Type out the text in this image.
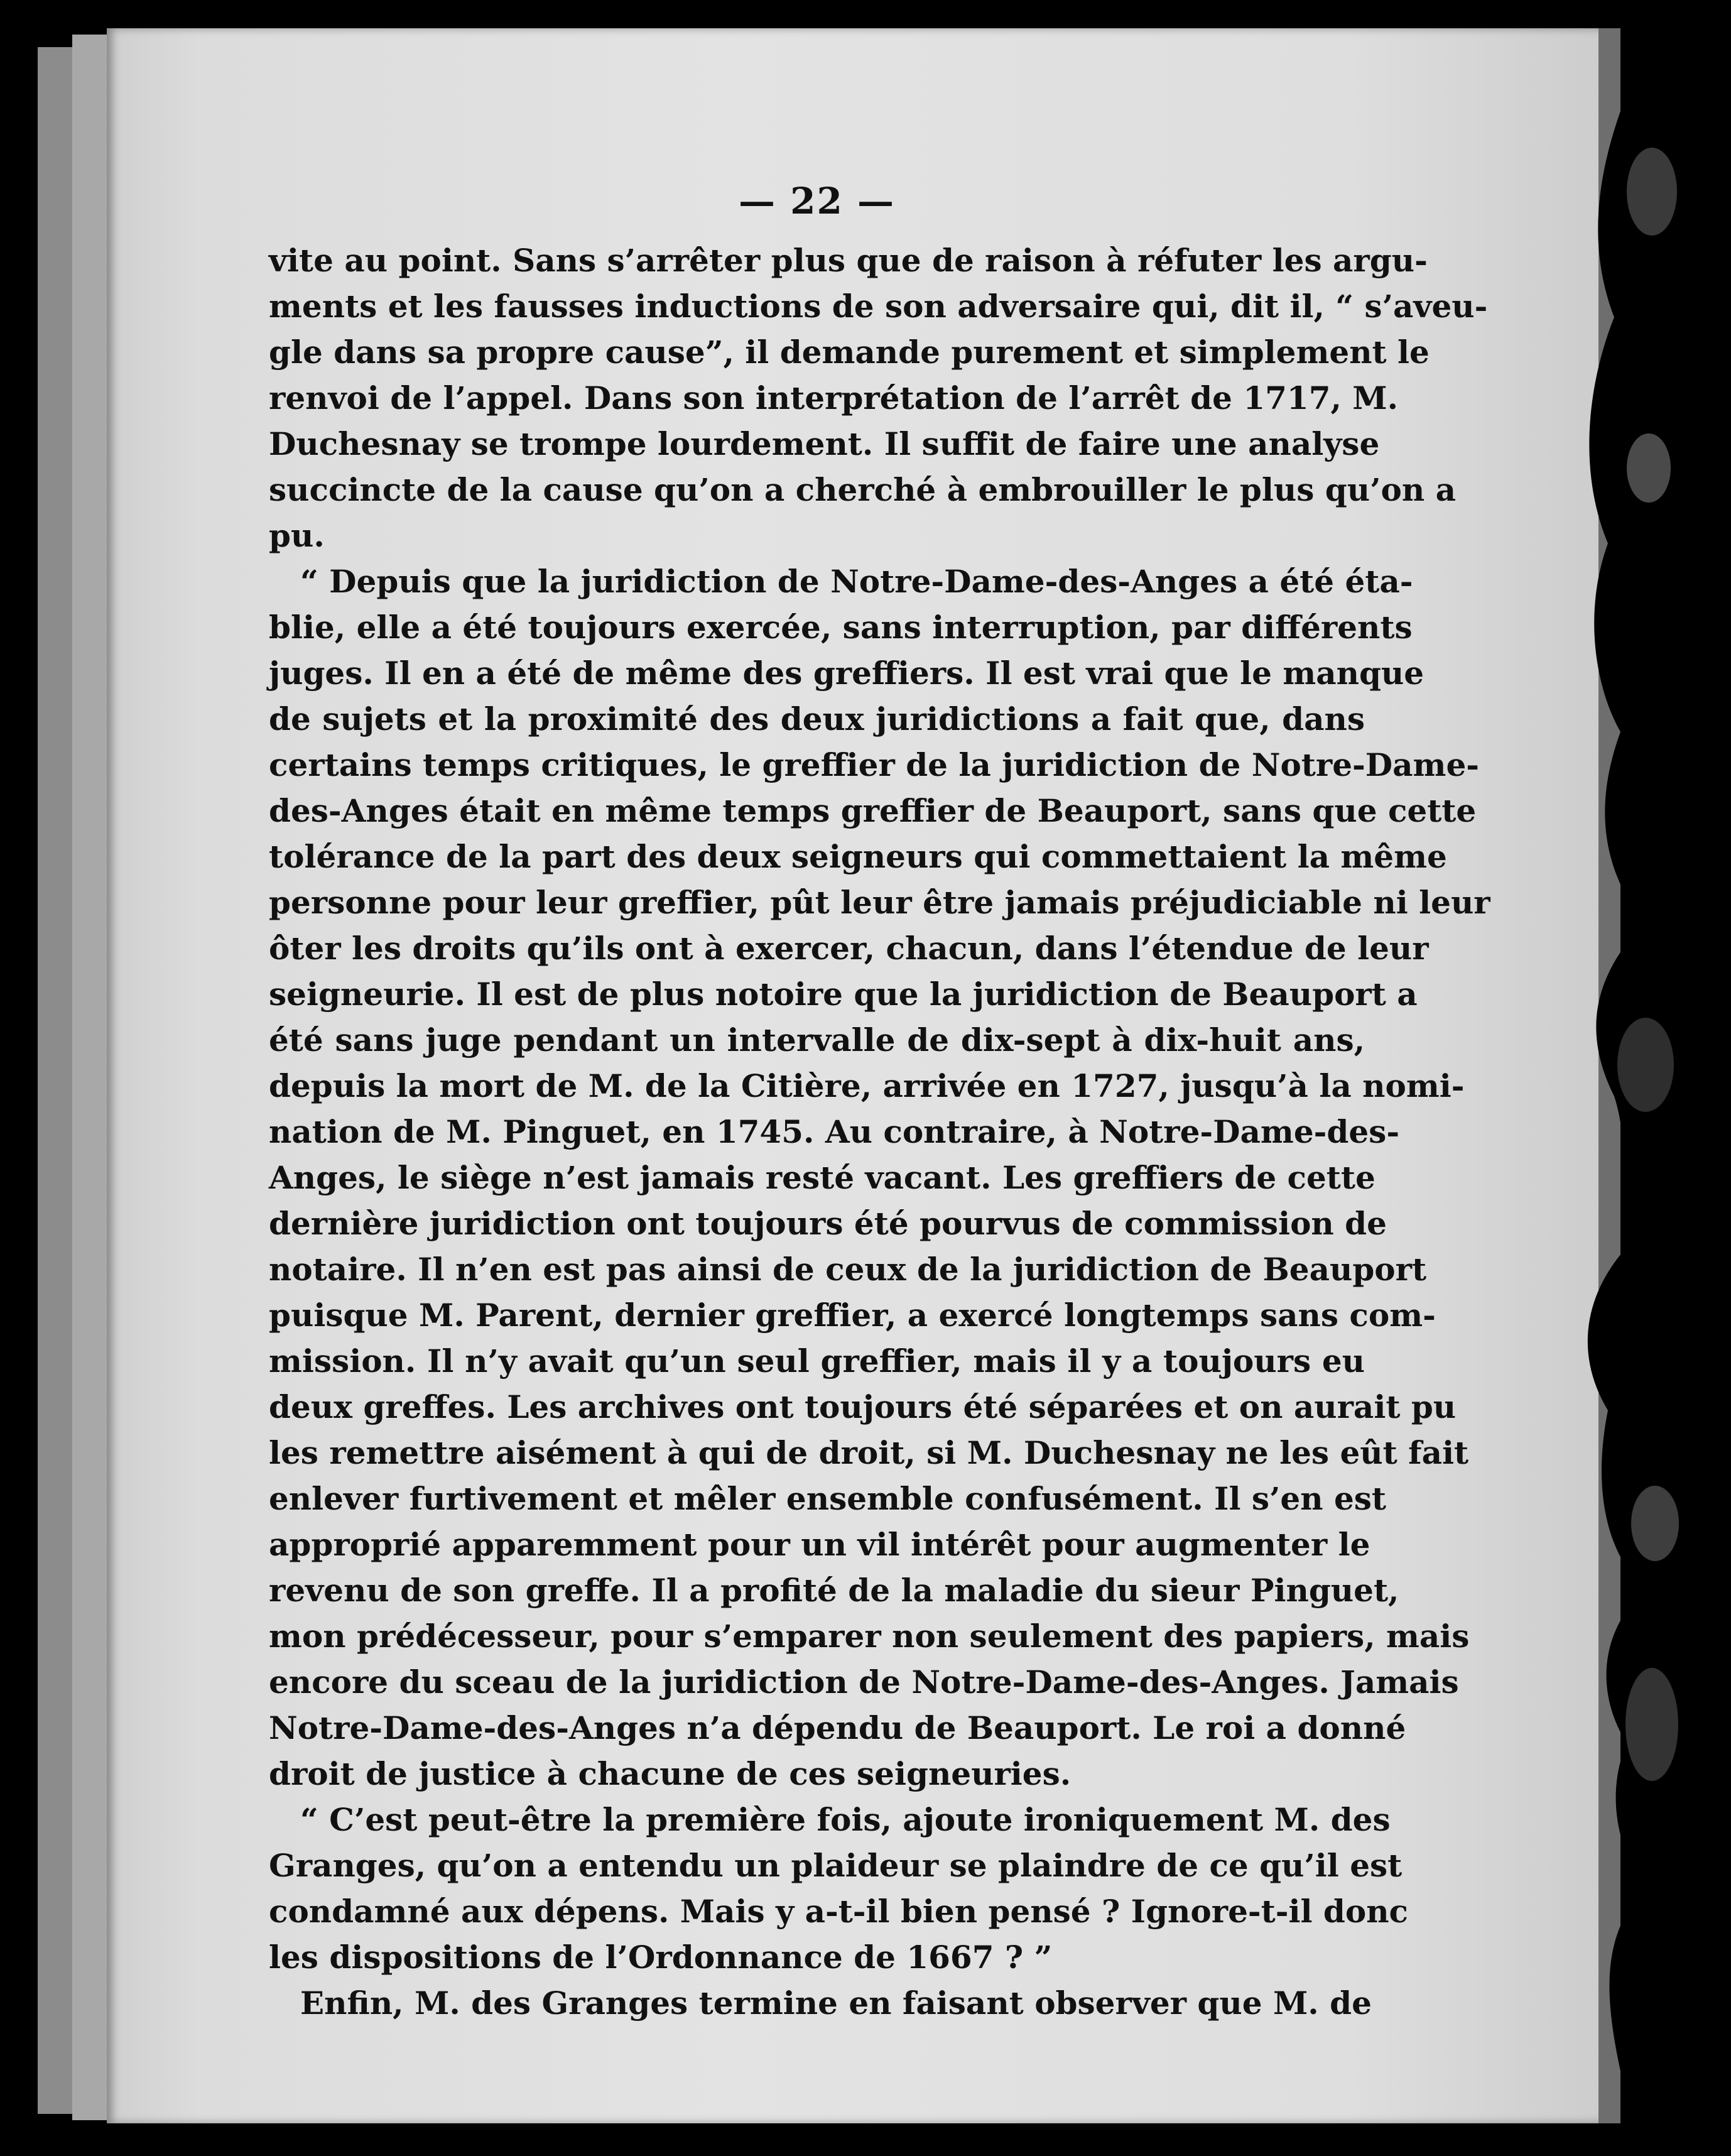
— 22 —
vite au point. Sans s’arrêter plus que de raison à réfuter les argu-
ments et les fausses inductions de son adversaire qui, dit il, “ s’aveu-
gle dans sa propre cause”, il demande purement et simplement le
renvoi de l’appel. Dans son interprétation de l’arrêt de 1717, M.
Duchesnay se trompe lourdement. Il suffit de faire une analyse
succincte de la cause qu’on a cherché à embrouiller le plus qu’on a
pu.
“ Depuis que la juridiction de Notre-Dame-des-Anges a été éta-
blie, elle a été toujours exercée, sans interruption, par différents
juges. Il en a été de même des greffiers. Il est vrai que le manque
de sujets et la proximité des deux juridictions a fait que, dans
certains temps critiques, le greffier de la juridiction de Notre-Dame-
des-Anges était en même temps greffier de Beauport, sans que cette
tolérance de la part des deux seigneurs qui commettaient la même
personne pour leur greffier, pût leur être jamais préjudiciable ni leur
ôter les droits qu’ils ont à exercer, chacun, dans l’étendue de leur
seigneurie. Il est de plus notoire que la juridiction de Beauport a
été sans juge pendant un intervalle de dix-sept à dix-huit ans,
depuis la mort de M. de la Citière, arrivée en 1727, jusqu’à la nomi-
nation de M. Pinguet, en 1745. Au contraire, à Notre-Dame-des-
Anges, le siège n’est jamais resté vacant. Les greffiers de cette
dernière juridiction ont toujours été pourvus de commission de
notaire. Il n’en est pas ainsi de ceux de la juridiction de Beauport
puisque M. Parent, dernier greffier, a exercé longtemps sans com-
mission. Il n’y avait qu’un seul greffier, mais il y a toujours eu
deux greffes. Les archives ont toujours été séparées et on aurait pu
les remettre aisément à qui de droit, si M. Duchesnay ne les eût fait
enlever furtivement et mêler ensemble confusément. Il s’en est
approprié apparemment pour un vil intérêt pour augmenter le
revenu de son greffe. Il a profité de la maladie du sieur Pinguet,
mon prédécesseur, pour s’emparer non seulement des papiers, mais
encore du sceau de la juridiction de Notre-Dame-des-Anges. Jamais
Notre-Dame-des-Anges n’a dépendu de Beauport. Le roi a donné
droit de justice à chacune de ces seigneuries.
“ C’est peut-être la première fois, ajoute ironiquement M. des
Granges, qu’on a entendu un plaideur se plaindre de ce qu’il est
condamné aux dépens. Mais y a-t-il bien pensé ? Ignore-t-il donc
les dispositions de l’Ordonnance de 1667 ? ”
Enfin, M. des Granges termine en faisant observer que M. de
